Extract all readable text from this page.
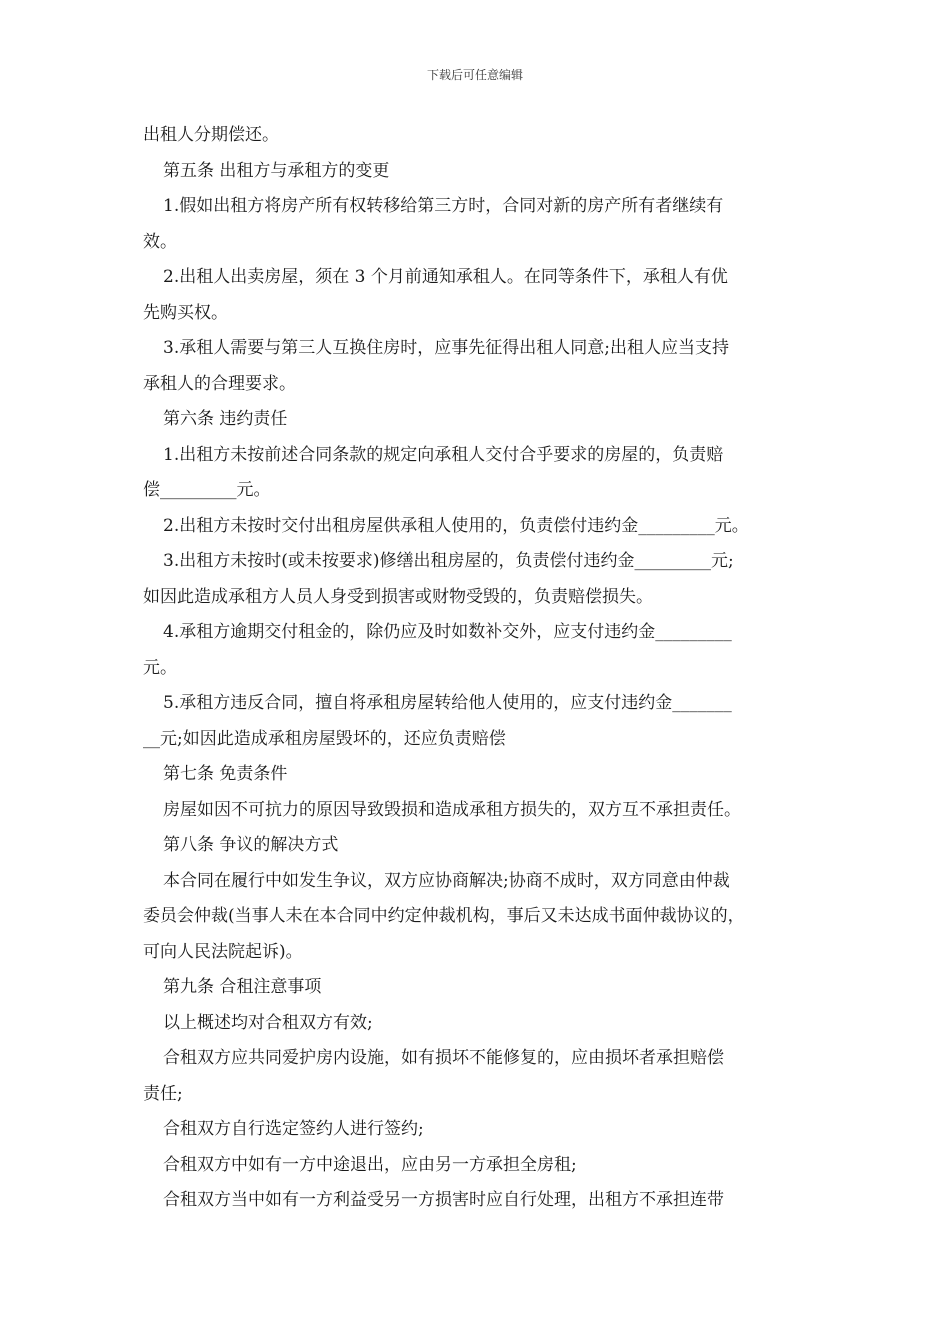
下载后可任意编辑
出租人分期偿还。
第五条 出租方与承租方的变更
1.假如出租方将房产所有权转移给第三方时，合同对新的房产所有者继续有
效。
2.出租人出卖房屋，须在 3 个月前通知承租人。在同等条件下，承租人有优
先购买权。
3.承租人需要与第三人互换住房时，应事先征得出租人同意;出租人应当支持
承租人的合理要求。
第六条 违约责任
1.出租方未按前述合同条款的规定向承租人交付合乎要求的房屋的，负责赔
偿_________元。
2.出租方未按时交付出租房屋供承租人使用的，负责偿付违约金_________元。
3.出租方未按时(或未按要求)修缮出租房屋的，负责偿付违约金_________元;
如因此造成承租方人员人身受到损害或财物受毁的，负责赔偿损失。
4.承租方逾期交付租金的，除仍应及时如数补交外，应支付违约金_________
元。
5.承租方违反合同，擅自将承租房屋转给他人使用的，应支付违约金_______
__元;如因此造成承租房屋毁坏的，还应负责赔偿
第七条 免责条件
房屋如因不可抗力的原因导致毁损和造成承租方损失的，双方互不承担责任。
第八条 争议的解决方式
本合同在履行中如发生争议，双方应协商解决;协商不成时，双方同意由仲裁
委员会仲裁(当事人未在本合同中约定仲裁机构，事后又未达成书面仲裁协议的，
可向人民法院起诉)。
第九条 合租注意事项
以上概述均对合租双方有效;
合租双方应共同爱护房内设施，如有损坏不能修复的，应由损坏者承担赔偿
责任;
合租双方自行选定签约人进行签约;
合租双方中如有一方中途退出，应由另一方承担全房租;
合租双方当中如有一方利益受另一方损害时应自行处理，出租方不承担连带
